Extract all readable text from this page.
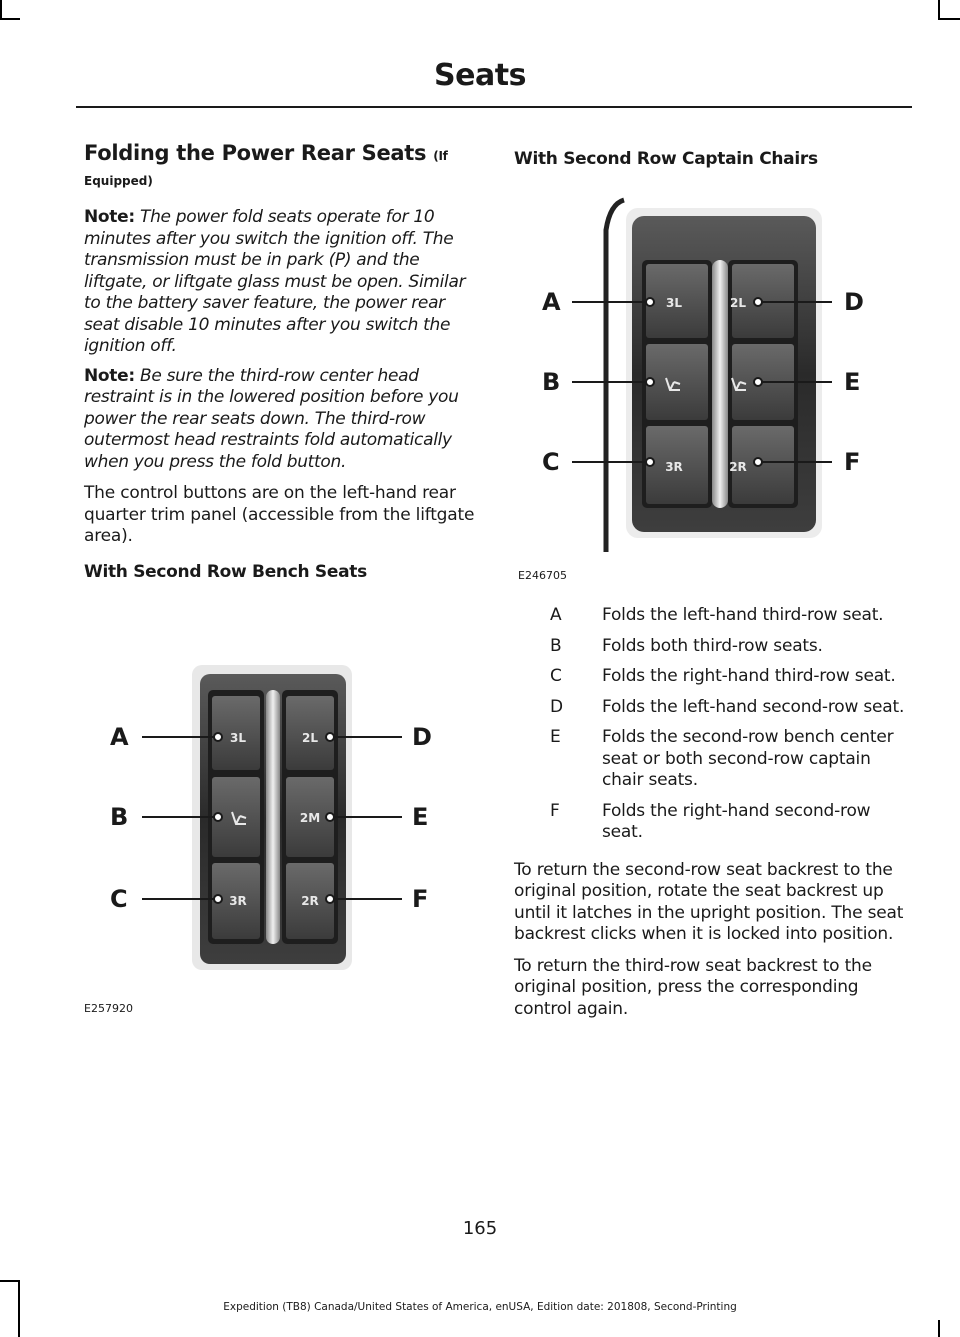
Seats
Folding the Power Rear Seats (If
Equipped)
Note: The power fold seats operate for 10 minutes after you switch the ignition off. The transmission must be in park (P) and the liftgate, or liftgate glass must be open. Similar to the battery saver feature, the power rear seat disable 10 minutes after you switch the ignition off.
Note: Be sure the third-row center head restraint is in the lowered position before you power the rear seats down. The third-row outermost head restraints fold automatically when you press the fold button.

The control buttons are on the left-hand rear quarter trim panel (accessible from the liftgate area).

With Second Row Bench Seats
3L
3R
2L
2M
2R
A
B
C
D
E
F
E257920
With Second Row Captain Chairs
3L
3R
2L
2R
A
B
C
D
E
F
E246705
A	Folds the left-hand third-row seat.
B	Folds both third-row seats.
C	Folds the right-hand third-row seat.
D	Folds the left-hand second-row seat.
E	Folds the second-row bench center seat or both second-row captain chair seats.
F	Folds the right-hand second-row seat.

To return the second-row seat backrest to the original position, rotate the seat backrest up until it latches in the upright position. The seat backrest clicks when it is locked into position.

To return the third-row seat backrest to the original position, press the corresponding control again.

165
Expedition (TB8) Canada/United States of America, enUSA, Edition date: 201808, Second-Printing
